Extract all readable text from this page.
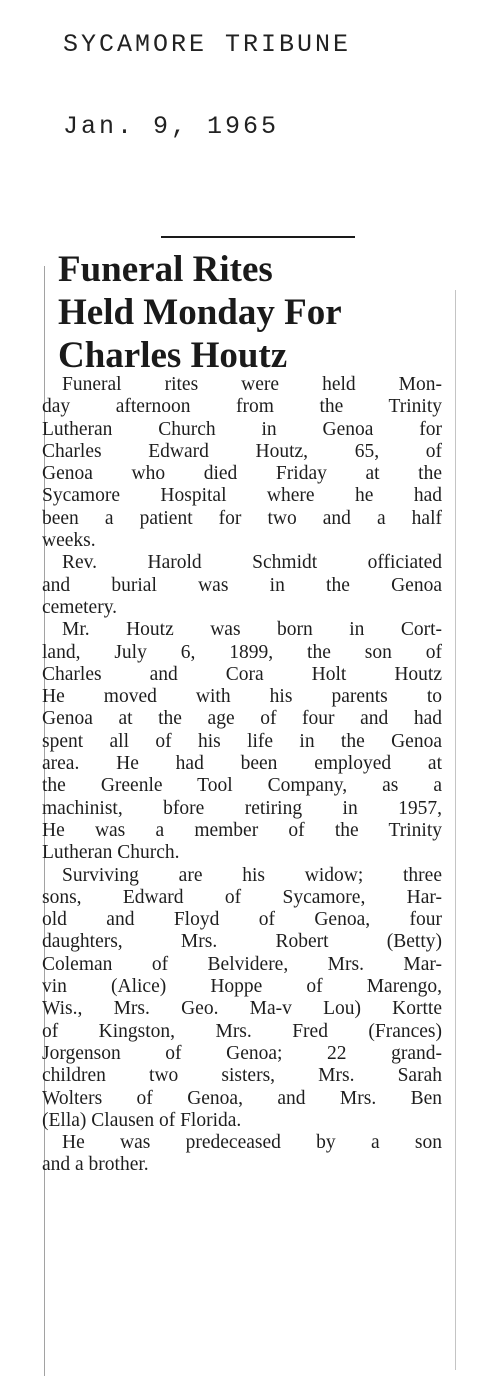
SYCAMORE TRIBUNE
Jan. 9, 1965
Funeral Rites
Held Monday For
Charles Houtz
Funeral rites were held Mon-
day afternoon from the Trinity
Lutheran Church in Genoa for
Charles Edward Houtz, 65, of
Genoa who died Friday at the
Sycamore Hospital where he had
been a patient for two and a half
weeks.
Rev. Harold Schmidt officiated
and burial was in the Genoa
cemetery.
Mr. Houtz was born in Cort-
land, July 6, 1899, the son of
Charles and Cora Holt Houtz
He moved with his parents to
Genoa at the age of four and had
spent all of his life in the Genoa
area. He had been employed at
the Greenle Tool Company, as a
machinist, bfore retiring in 1957,
He was a member of the Trinity
Lutheran Church.
Surviving are his widow; three
sons, Edward of Sycamore, Har-
old and Floyd of Genoa, four
daughters, Mrs. Robert (Betty)
Coleman of Belvidere, Mrs. Mar-
vin (Alice) Hoppe of Marengo,
Wis., Mrs. Geo. Ma-v Lou) Kortte
of Kingston, Mrs. Fred (Frances)
Jorgenson of Genoa; 22 grand-
children two sisters, Mrs. Sarah
Wolters of Genoa, and Mrs. Ben
(Ella) Clausen of Florida.
He was predeceased by a son
and a brother.
